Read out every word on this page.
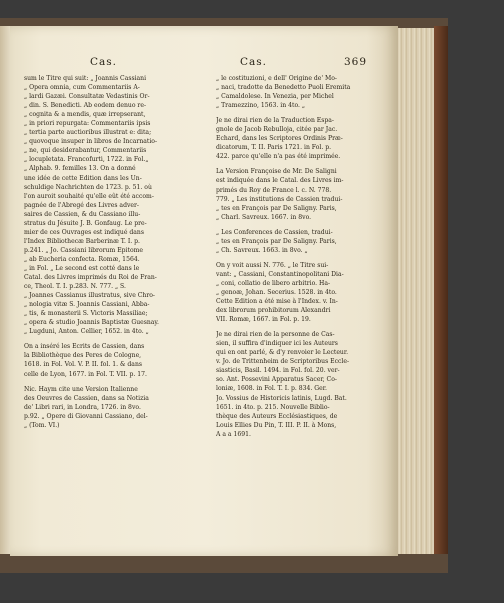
Cas.	Cas.	369
sum le Titre qui suit: „ Joannis Cassiani
„ Opera omnia, cum Commentariis A-
„ lardi Gazæi. Consultatæ Vedastinis Or-
„ din. S. Benedicti. Ab eodem denuo re-
„ cognita & a mendis, quæ irrepserant,
„ in priori repurgata: Commentariis ipsis
„ tertia parte auctioribus illustrat e: dita;
„ quovoque insuper in libros de Incarnatio-
„ ne, qui desiderabantur, Commentariis
„ locupletata. Francofurti, 1722. in Fol.„
„ Alphab. 9. femilles 13. On a donné
une idée de cette Edition dans les Un-
schuldige Nachrichten de 1723. p. 51. où
l'on auroit souhaité qu'elle eût été accom-
pagnée de l'Abregé des Livres adver-
saires de Cassien, & du Cassiano illu-
stratus du Jésuite J. B. Gonfaug. Le pre-
mier de ces Ouvrages est indiqué dans
l'Index Bibliothecæ Barberinæ T. I. p.
p.241. „ Jo. Cassiani librorum Epitome
„ ab Eucheria confecta. Romæ, 1564.
„ in Fol. „ Le second est cotté dans le
Catal. des Livres imprimés du Roi de Fran-
ce, Theol. T. I. p.283. N. 777. „ S.
„ Joannes Cassianus illustratus, sive Chro-
„ nologia vitæ S. Joannis Cassiani, Abba-
„ tis, & monasterii S. Victoris Massiliae;
„ opera & studio Joannis Baptistæ Guesnay.
„ Lugduni, Anton. Cellier, 1652. in 4to. „
On a inséré les Ecrits de Cassien, dans
la Bibliothèque des Peres de Cologne,
1618. in Fol. Vol. V. P. II. fol. 1. & dans
celle de Lyon, 1677. in Fol. T. VII. p. 17.
Nic. Haym cite une Version Italienne
des Oeuvres de Cassien, dans sa Notizia
de' Libri rari, in Londra, 1726. in 8vo.
p.92. „ Opere di Giovanni Cassiano, del-
„ (Tom. VI.)
„ le costituzioni, e dell' Origine de' Mo-
„ naci, tradotte da Benedetto Puoli Eremita
„ Camaldolese. In Venezia, per Michel
„ Tramezzino, 1563. in 4to. „
Je ne dirai rien de la Traduction Espa-
gnole de Jacob Rebulloja, citée par Jac.
Echard, dans les Scriptores Ordinis Præ-
dicatorum, T. II. Paris 1721. in Fol. p.
422. parce qu'elle n'a pas été imprimée.
La Version Françoise de Mr. De Saligni
est indiquée dans le Catal. des Livres im-
primés du Roy de France l. c. N. 778.
779. „ Les institutions de Cassien tradui-
„ tes en François par De Saligny. Paris,
„ Charl. Savreux. 1667. in 8vo.
„ Les Conferences de Cassien, tradui-
„ tes en François par De Saligny. Paris,
„ Ch. Savreux. 1663. in 8vo. „
On y voit aussi N. 776. „ le Titre sui-
vant: „ Cassiani, Constantinopolitani Dia-
„ coni, collatio de libero arbitrio. Ha-
„ genoæ, Johan. Secerius. 1528. in 4to.
Cette Edition a été mise à l'Index. v. In-
dex librorum prohibitorum Alexandri
VII. Romæ, 1667. in Fol. p. 19.
Je ne dirai rien de la personne de Cas-
sien, il suffira d'indiquer ici les Auteurs
qui en ont parlé, & d'y renvoier le Lecteur.
v. Jo. de Trittenheim de Scriptoribus Eccle-
siasticis, Basil. 1494. in Fol. fol. 20. ver-
so. Ant. Possevini Apparatus Sacer, Co-
loniæ, 1608. in Fol. T. I. p. 834. Ger.
Jo. Vossius de Historicis latinis, Lugd. Bat.
1651. in 4to. p. 215. Nouvelle Biblio-
thèque des Auteurs Ecclésiastiques, de
Louis Ellies Du Pin, T. III. P. II. à Mons,
A a a 1691.
